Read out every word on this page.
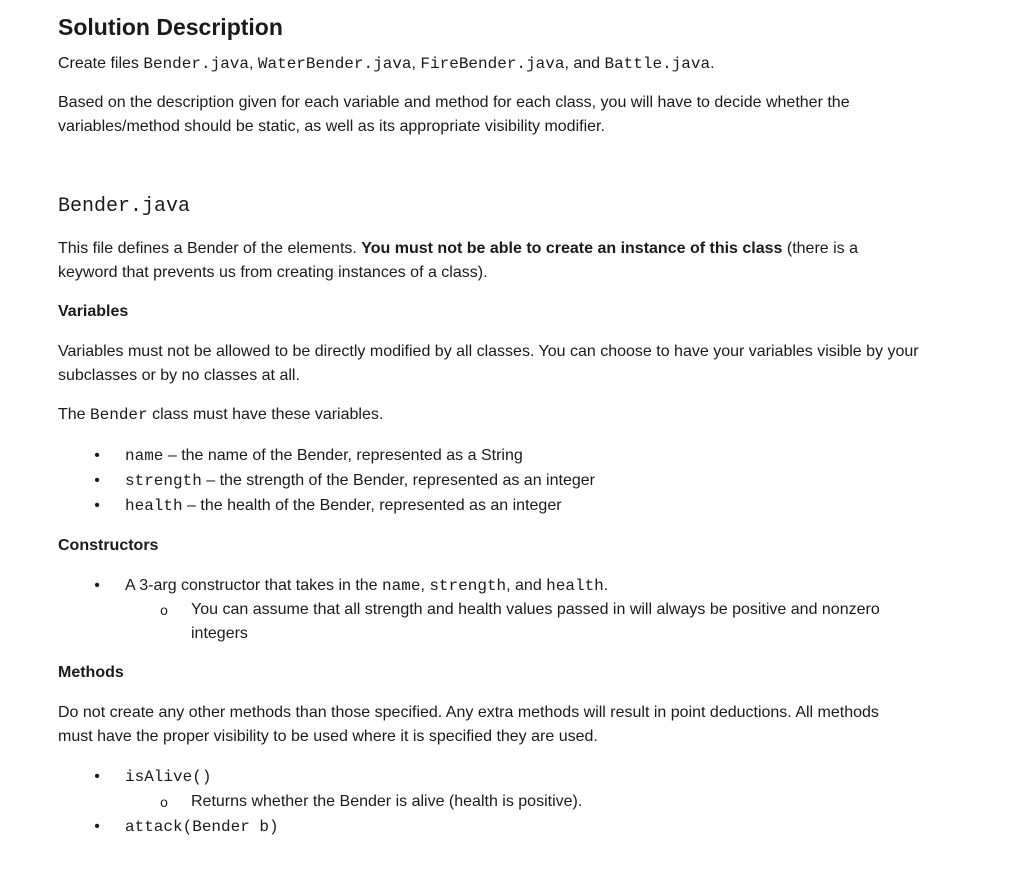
Solution Description
Create files Bender.java, WaterBender.java, FireBender.java, and Battle.java.
Based on the description given for each variable and method for each class, you will have to decide whether the variables/method should be static, as well as its appropriate visibility modifier.
Bender.java
This file defines a Bender of the elements. You must not be able to create an instance of this class (there is a keyword that prevents us from creating instances of a class).
Variables
Variables must not be allowed to be directly modified by all classes. You can choose to have your variables visible by your subclasses or by no classes at all.
The Bender class must have these variables.
• name – the name of the Bender, represented as a String
• strength – the strength of the Bender, represented as an integer
• health – the health of the Bender, represented as an integer
Constructors
• A 3-arg constructor that takes in the name, strength, and health.
o You can assume that all strength and health values passed in will always be positive and nonzero integers
Methods
Do not create any other methods than those specified. Any extra methods will result in point deductions. All methods must have the proper visibility to be used where it is specified they are used.
• isAlive()
o Returns whether the Bender is alive (health is positive).
• attack(Bender b)
